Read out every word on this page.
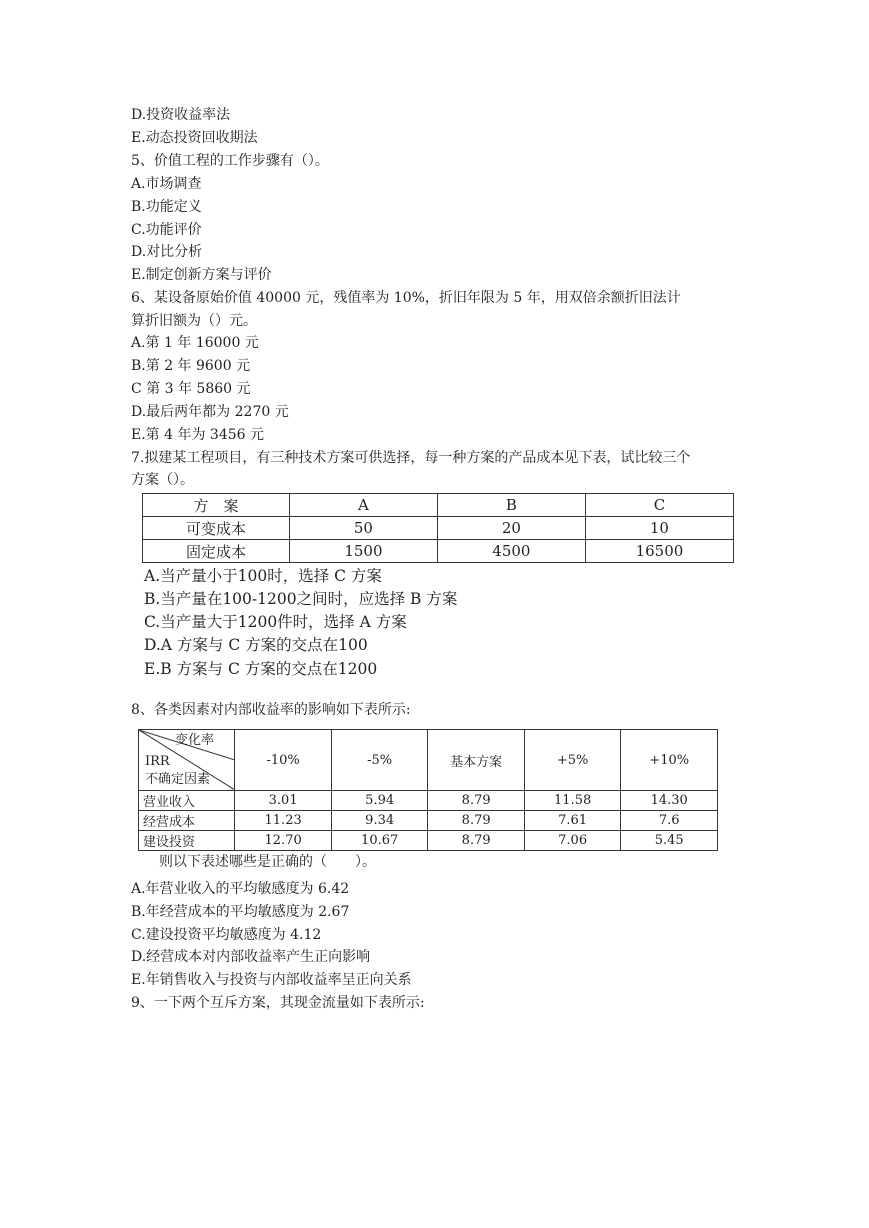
D.投资收益率法
E.动态投资回收期法
5、价值工程的工作步骤有（）。
A.市场调查
B.功能定义
C.功能评价
D.对比分析
E.制定创新方案与评价
6、某设备原始价值 40000 元，残值率为 10%，折旧年限为 5 年，用双倍余额折旧法计
算折旧额为（）元。
A.第 1 年 16000 元
B.第 2 年 9600 元
C 第 3 年 5860 元
D.最后两年都为 2270 元
E.第 4 年为 3456 元
7.拟建某工程项目，有三种技术方案可供选择，每一种方案的产品成本见下表，试比较三个
方案（）。
方　案	A	B	C
可变成本	50	20	10
固定成本	1500	4500	16500
A.当产量小于100时，选择 C 方案
B.当产量在100-1200之间时，应选择 B 方案
C.当产量大于1200件时，选择 A 方案
D.A 方案与 C 方案的交点在100
E.B 方案与 C 方案的交点在1200
8、各类因素对内部收益率的影响如下表所示:
变化率
IRR
不确定因素	-10%	-5%	基本方案	+5%	+10%
营业收入	3.01	5.94	8.79	11.58	14.30
经营成本	11.23	9.34	8.79	7.61	7.6
建设投资	12.70	10.67	8.79	7.06	5.45
则以下表述哪些是正确的（　　）。
A.年营业收入的平均敏感度为 6.42
B.年经营成本的平均敏感度为 2.67
C.建设投资平均敏感度为 4.12
D.经营成本对内部收益率产生正向影响
E.年销售收入与投资与内部收益率呈正向关系
9、一下两个互斥方案，其现金流量如下表所示:
